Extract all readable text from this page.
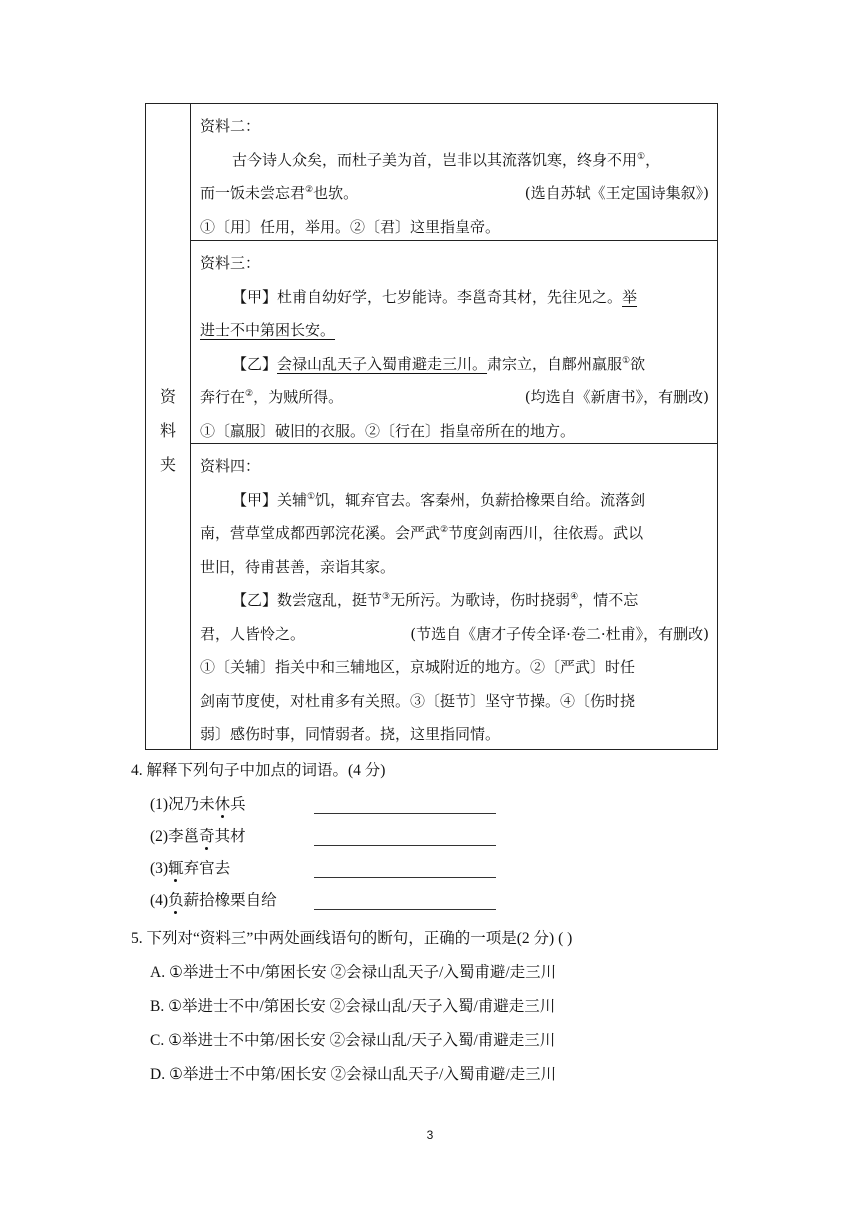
资
料
夹
资料二：
古今诗人众矣，而杜子美为首，岂非以其流落饥寒，终身不用①，
而一饭未尝忘君②也欤。	(选自苏轼《王定国诗集叙》)
①〔用〕任用，举用。②〔君〕这里指皇帝。
资料三：
【甲】杜甫自幼好学，七岁能诗。李邕奇其材，先往见之。举
进士不中第困长安。
【乙】会禄山乱天子入蜀甫避走三川。肃宗立，自鄜州羸服①欲
奔行在②，为贼所得。	(均选自《新唐书》，有删改)
①〔羸服〕破旧的衣服。②〔行在〕指皇帝所在的地方。
资料四：
【甲】关辅①饥，辄弃官去。客秦州，负薪拾橡栗自给。流落剑
南，营草堂成都西郭浣花溪。会严武②节度剑南西川，往依焉。武以
世旧，待甫甚善，亲诣其家。
【乙】数尝寇乱，挺节③无所污。为歌诗，伤时挠弱④，情不忘
君，人皆怜之。	(节选自《唐才子传全译·卷二·杜甫》，有删改)
①〔关辅〕指关中和三辅地区，京城附近的地方。②〔严武〕时任
剑南节度使，对杜甫多有关照。③〔挺节〕坚守节操。④〔伤时挠
弱〕感伤时事，同情弱者。挠，这里指同情。
4. 解释下列句子中加点的词语。(4 分)
(1)况乃未休兵
(2)李邕奇其材
(3)辄弃官去
(4)负薪拾橡栗自给
5. 下列对“资料三”中两处画线语句的断句，正确的一项是(2 分) ( )
A. ①举进士不中/第困长安 ②会禄山乱天子/入蜀甫避/走三川
B. ①举进士不中/第困长安 ②会禄山乱/天子入蜀/甫避走三川
C. ①举进士不中第/困长安 ②会禄山乱/天子入蜀/甫避走三川
D. ①举进士不中第/困长安 ②会禄山乱天子/入蜀甫避/走三川
3
